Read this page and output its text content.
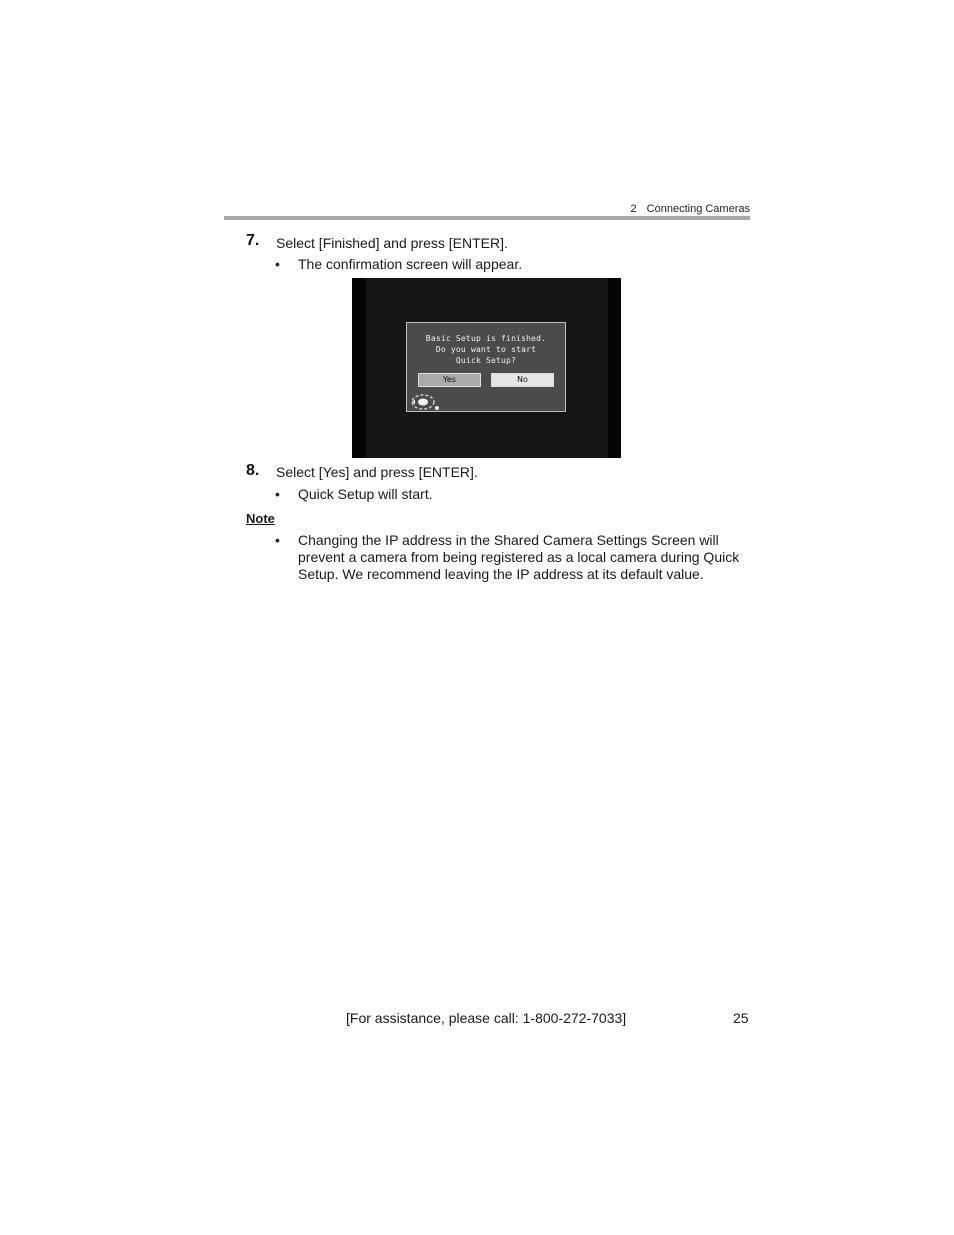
2 Connecting Cameras
7. Select [Finished] and press [ENTER].
• The confirmation screen will appear.
Basic Setup is finished.
Do you want to start
Quick Setup?
Yes	No
8. Select [Yes] and press [ENTER].
• Quick Setup will start.
Note
• Changing the IP address in the Shared Camera Settings Screen will
prevent a camera from being registered as a local camera during Quick
Setup. We recommend leaving the IP address at its default value.
[For assistance, please call: 1-800-272-7033]	25
